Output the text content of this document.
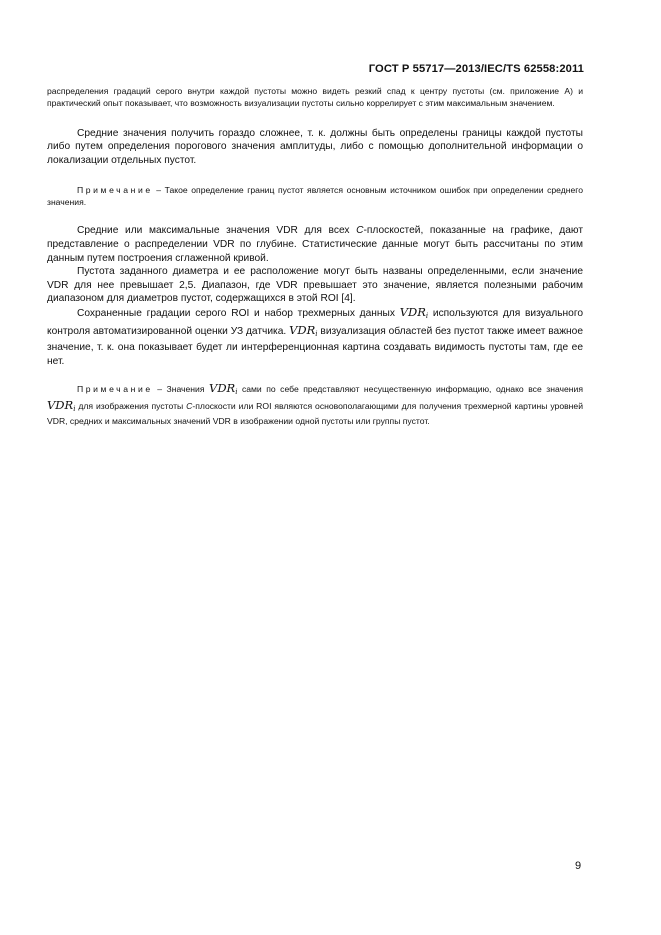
ГОСТ Р 55717—2013/IEC/TS 62558:2011

распределения градаций серого внутри каждой пустоты можно видеть резкий спад к центру пустоты (см. приложение А) и практический опыт показывает, что возможность визуализации пустоты сильно коррелирует с этим максимальным значением.

Средние значения получить гораздо сложнее, т. к. должны быть определены границы каждой пустоты либо путем определения порогового значения амплитуды, либо с помощью дополнительной информации о локализации отдельных пустот.

Примечание – Такое определение границ пустот является основным источником ошибок при определении среднего значения.

Средние или максимальные значения VDR для всех C-плоскостей, показанные на графике, дают представление о распределении VDR по глубине. Статистические данные могут быть рассчитаны по этим данным путем построения сглаженной кривой.

Пустота заданного диаметра и ее расположение могут быть названы определенными, если значение VDR для нее превышает 2,5. Диапазон, где VDR превышает это значение, является полезными рабочим диапазоном для диаметров пустот, содержащихся в этой ROI [4].

Сохраненные градации серого ROI и набор трехмерных данных $VDR_i$ используются для визуального контроля автоматизированной оценки УЗ датчика. $VDR_i$ визуализация областей без пустот также имеет важное значение, т. к. она показывает будет ли интерференционная картина создавать видимость пустоты там, где ее нет.

Примечание – Значения $VDR_i$ сами по себе представляют несущественную информацию, однако все значения $VDR_i$ для изображения пустоты C-плоскости или ROI являются основополагающими для получения трехмерной картины уровней VDR, средних и максимальных значений VDR в изображении одной пустоты или группы пустот.

9
